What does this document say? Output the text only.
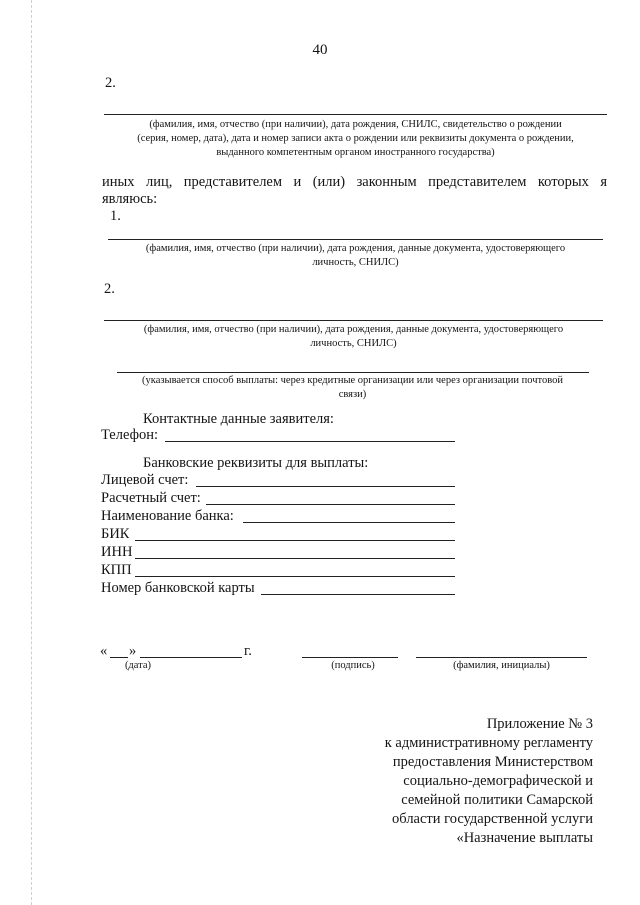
40
2.
(фамилия, имя, отчество (при наличии), дата рождения, СНИЛС, свидетельство о рождении
(серия, номер, дата), дата и номер записи акта о рождении или реквизиты документа о рождении,
выданного компетентным органом иностранного государства)
иных лиц, представителем и (или) законным представителем которых я
являюсь:
1.
(фамилия, имя, отчество (при наличии), дата рождения, данные документа, удостоверяющего
личность, СНИЛС)
2.
(фамилия, имя, отчество (при наличии), дата рождения, данные документа, удостоверяющего
личность, СНИЛС)
(указывается способ выплаты: через кредитные организации или через организации почтовой
связи)
Контактные данные заявителя:
Телефон:
Банковские реквизиты для выплаты:
Лицевой счет:
Расчетный счет:
Наименование банка:
БИК
ИНН
КПП
Номер банковской карты
« »	г.
(дата)	(подпись)	(фамилия, инициалы)
Приложение № 3
к административному регламенту
предоставления Министерством
социально-демографической и
семейной политики Самарской
области государственной услуги
«Назначение выплаты
